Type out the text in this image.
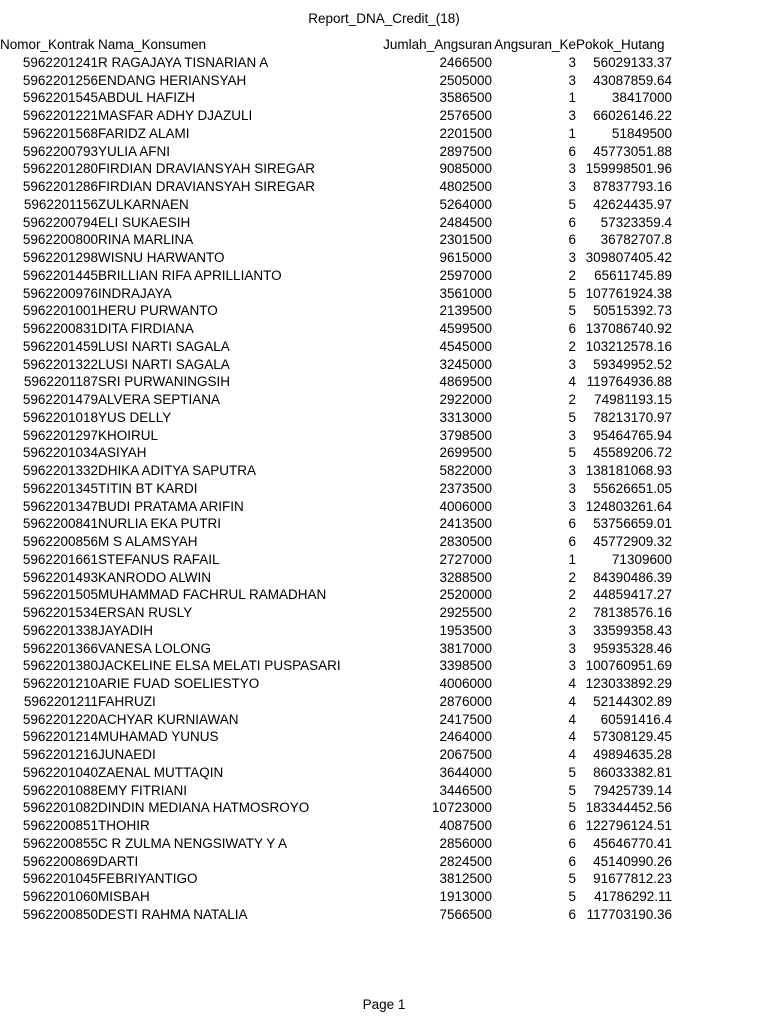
Report_DNA_Credit_(18)
Nomor_Kontrak	Nama_Konsumen	Jumlah_Angsuran	Angsuran_Ke	Pokok_Hutang
5962201241	R RAGAJAYA TISNARIAN A	2466500	3	56029133.37
5962201256	ENDANG HERIANSYAH	2505000	3	43087859.64
5962201545	ABDUL HAFIZH	3586500	1	38417000
5962201221	MASFAR ADHY DJAZULI	2576500	3	66026146.22
5962201568	FARIDZ ALAMI	2201500	1	51849500
5962200793	YULIA AFNI	2897500	6	45773051.88
5962201280	FIRDIAN DRAVIANSYAH SIREGAR	9085000	3	159998501.96
5962201286	FIRDIAN DRAVIANSYAH SIREGAR	4802500	3	87837793.16
5962201156	ZULKARNAEN	5264000	5	42624435.97
5962200794	ELI SUKAESIH	2484500	6	57323359.4
5962200800	RINA MARLINA	2301500	6	36782707.8
5962201298	WISNU HARWANTO	9615000	3	309807405.42
5962201445	BRILLIAN RIFA APRILLIANTO	2597000	2	65611745.89
5962200976	INDRAJAYA	3561000	5	107761924.38
5962201001	HERU PURWANTO	2139500	5	50515392.73
5962200831	DITA FIRDIANA	4599500	6	137086740.92
5962201459	LUSI NARTI SAGALA	4545000	2	103212578.16
5962201322	LUSI NARTI SAGALA	3245000	3	59349952.52
5962201187	SRI PURWANINGSIH	4869500	4	119764936.88
5962201479	ALVERA SEPTIANA	2922000	2	74981193.15
5962201018	YUS DELLY	3313000	5	78213170.97
5962201297	KHOIRUL	3798500	3	95464765.94
5962201034	ASIYAH	2699500	5	45589206.72
5962201332	DHIKA ADITYA SAPUTRA	5822000	3	138181068.93
5962201345	TITIN BT KARDI	2373500	3	55626651.05
5962201347	BUDI PRATAMA ARIFIN	4006000	3	124803261.64
5962200841	NURLIA EKA PUTRI	2413500	6	53756659.01
5962200856	M S ALAMSYAH	2830500	6	45772909.32
5962201661	STEFANUS RAFAIL	2727000	1	71309600
5962201493	KANRODO ALWIN	3288500	2	84390486.39
5962201505	MUHAMMAD FACHRUL RAMADHAN	2520000	2	44859417.27
5962201534	ERSAN RUSLY	2925500	2	78138576.16
5962201338	JAYADIH	1953500	3	33599358.43
5962201366	VANESA LOLONG	3817000	3	95935328.46
5962201380	JACKELINE ELSA MELATI PUSPASARI	3398500	3	100760951.69
5962201210	ARIE FUAD SOELIESTYO	4006000	4	123033892.29
5962201211	FAHRUZI	2876000	4	52144302.89
5962201220	ACHYAR KURNIAWAN	2417500	4	60591416.4
5962201214	MUHAMAD YUNUS	2464000	4	57308129.45
5962201216	JUNAEDI	2067500	4	49894635.28
5962201040	ZAENAL MUTTAQIN	3644000	5	86033382.81
5962201088	EMY FITRIANI	3446500	5	79425739.14
5962201082	DINDIN MEDIANA HATMOSROYO	10723000	5	183344452.56
5962200851	THOHIR	4087500	6	122796124.51
5962200855	C R ZULMA NENGSIWATY Y A	2856000	6	45646770.41
5962200869	DARTI	2824500	6	45140990.26
5962201045	FEBRIYANTIGO	3812500	5	91677812.23
5962201060	MISBAH	1913000	5	41786292.11
5962200850	DESTI RAHMA NATALIA	7566500	6	117703190.36
Page 1
